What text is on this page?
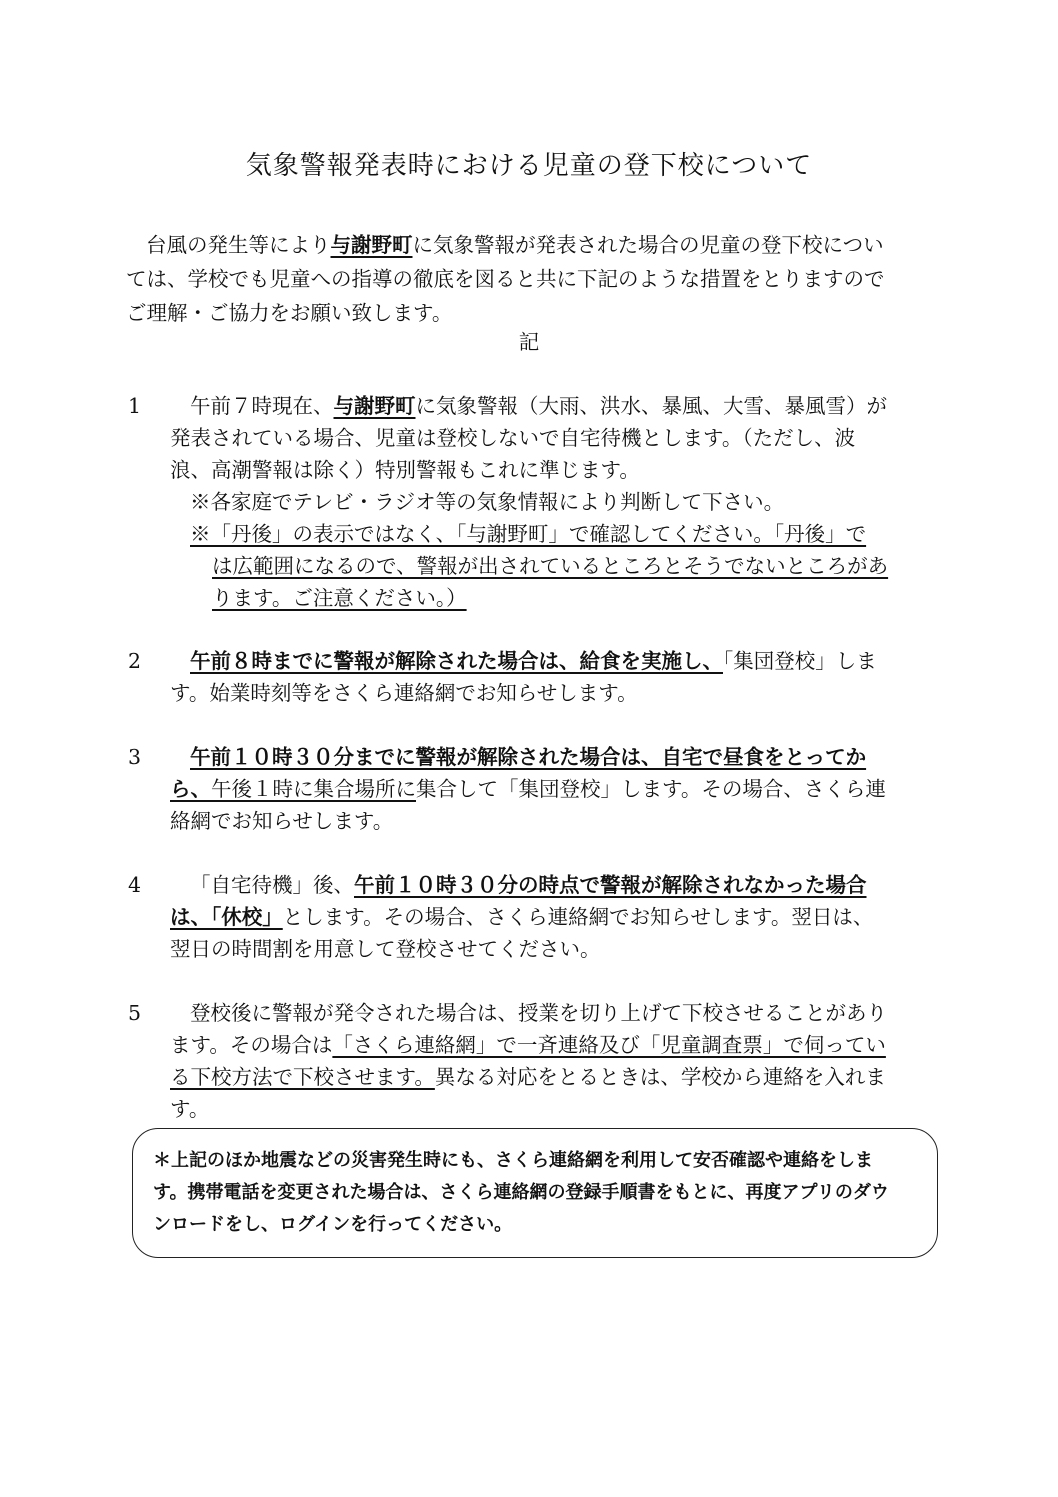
気象警報発表時における児童の登下校について
台風の発生等により与謝野町に気象警報が発表された場合の児童の登下校につい
ては、学校でも児童への指導の徹底を図ると共に下記のような措置をとりますので
ご理解・ご協力をお願い致します。
記
1	午前７時現在、与謝野町に気象警報（大雨、洪水、暴風、大雪、暴風雪）が

発表されている場合、児童は登校しないで自宅待機とします。（ただし、波

浪、高潮警報は除く）特別警報もこれに準じます。

※各家庭でテレビ・ラジオ等の気象情報により判断して下さい。

※「丹後」の表示ではなく、「与謝野町」で確認してください。「丹後」で
は広範囲になるので、警報が出されているところとそうでないところがあ
ります。ご注意ください。）

2	午前８時までに警報が解除された場合は、給食を実施し、「集団登校」しま

す。始業時刻等をさくら連絡網でお知らせします。

3	午前１０時３０分までに警報が解除された場合は、自宅で昼食をとってか

ら、午後１時に集合場所に集合して「集団登校」します。その場合、さくら連

絡網でお知らせします。

4	「自宅待機」後、午前１０時３０分の時点で警報が解除されなかった場合

は、「休校」とします。その場合、さくら連絡網でお知らせします。翌日は、

翌日の時間割を用意して登校させてください。

5	登校後に警報が発令された場合は、授業を切り上げて下校させることがあり

ます。その場合は「さくら連絡網」で一斉連絡及び「児童調査票」で伺ってい

る下校方法で下校させます。異なる対応をとるときは、学校から連絡を入れま

す。

＊上記のほか地震などの災害発生時にも、さくら連絡網を利用して安否確認や連絡をしま

す。携帯電話を変更された場合は、さくら連絡網の登録手順書をもとに、再度アプリのダウ

ンロードをし、ログインを行ってください。
